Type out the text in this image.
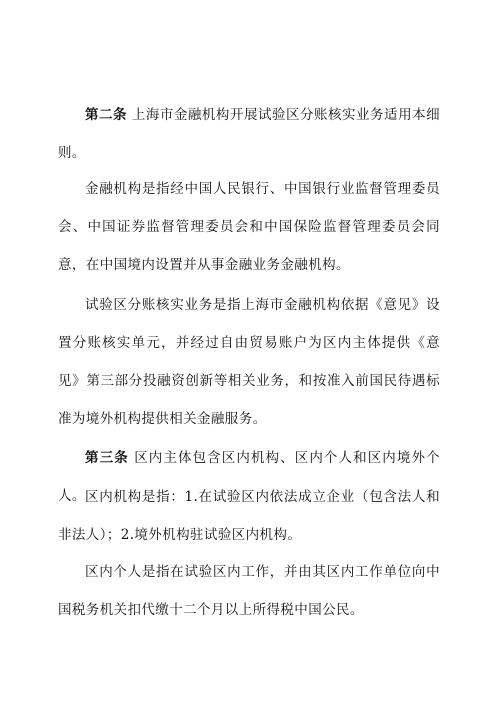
第二条 上海市金融机构开展试验区分账核实业务适用本细则。

金融机构是指经中国人民银行、中国银行业监督管理委员会、中国证券监督管理委员会和中国保险监督管理委员会同意，在中国境内设置并从事金融业务金融机构。

试验区分账核实业务是指上海市金融机构依据《意见》设置分账核实单元，并经过自由贸易账户为区内主体提供《意见》第三部分投融资创新等相关业务，和按准入前国民待遇标准为境外机构提供相关金融服务。

第三条 区内主体包含区内机构、区内个人和区内境外个人。 区内机构是指：1.在试验区内依法成立企业（包含法人和非法人）；2.境外机构驻试验区内机构。

区内个人是指在试验区内工作，并由其区内工作单位向中国税务机关扣代缴十二个月以上所得税中国公民。
